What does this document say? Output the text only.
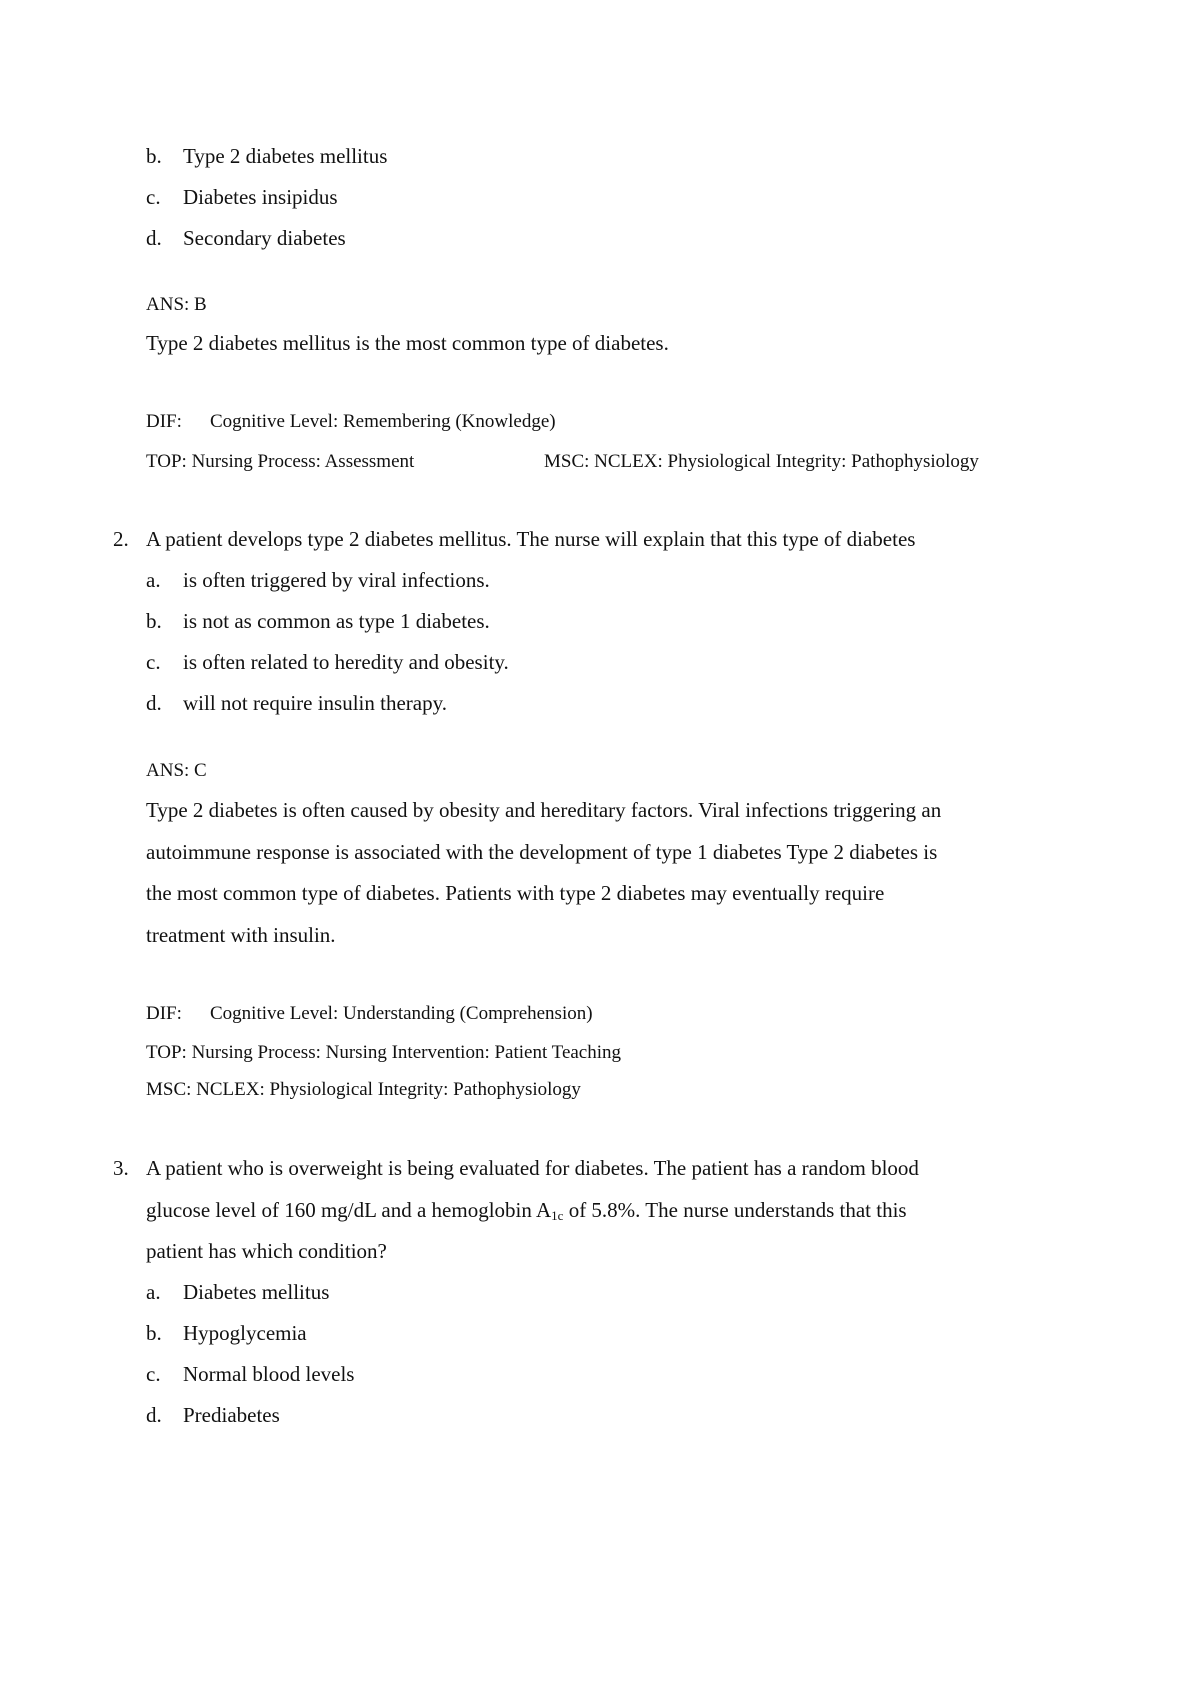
b. Type 2 diabetes mellitus
c. Diabetes insipidus
d. Secondary diabetes
ANS: B
Type 2 diabetes mellitus is the most common type of diabetes.
DIF: Cognitive Level: Remembering (Knowledge)
TOP: Nursing Process: Assessment	MSC: NCLEX: Physiological Integrity: Pathophysiology
2. A patient develops type 2 diabetes mellitus. The nurse will explain that this type of diabetes
a. is often triggered by viral infections.
b. is not as common as type 1 diabetes.
c. is often related to heredity and obesity.
d. will not require insulin therapy.
ANS: C
Type 2 diabetes is often caused by obesity and hereditary factors. Viral infections triggering an
autoimmune response is associated with the development of type 1 diabetes Type 2 diabetes is
the most common type of diabetes. Patients with type 2 diabetes may eventually require
treatment with insulin.
DIF: Cognitive Level: Understanding (Comprehension)
TOP: Nursing Process: Nursing Intervention: Patient Teaching
MSC: NCLEX: Physiological Integrity: Pathophysiology
3. A patient who is overweight is being evaluated for diabetes. The patient has a random blood
glucose level of 160 mg/dL and a hemoglobin $A_{1c}$ of 5.8%. The nurse understands that this
patient has which condition?
a. Diabetes mellitus
b. Hypoglycemia
c. Normal blood levels
d. Prediabetes
